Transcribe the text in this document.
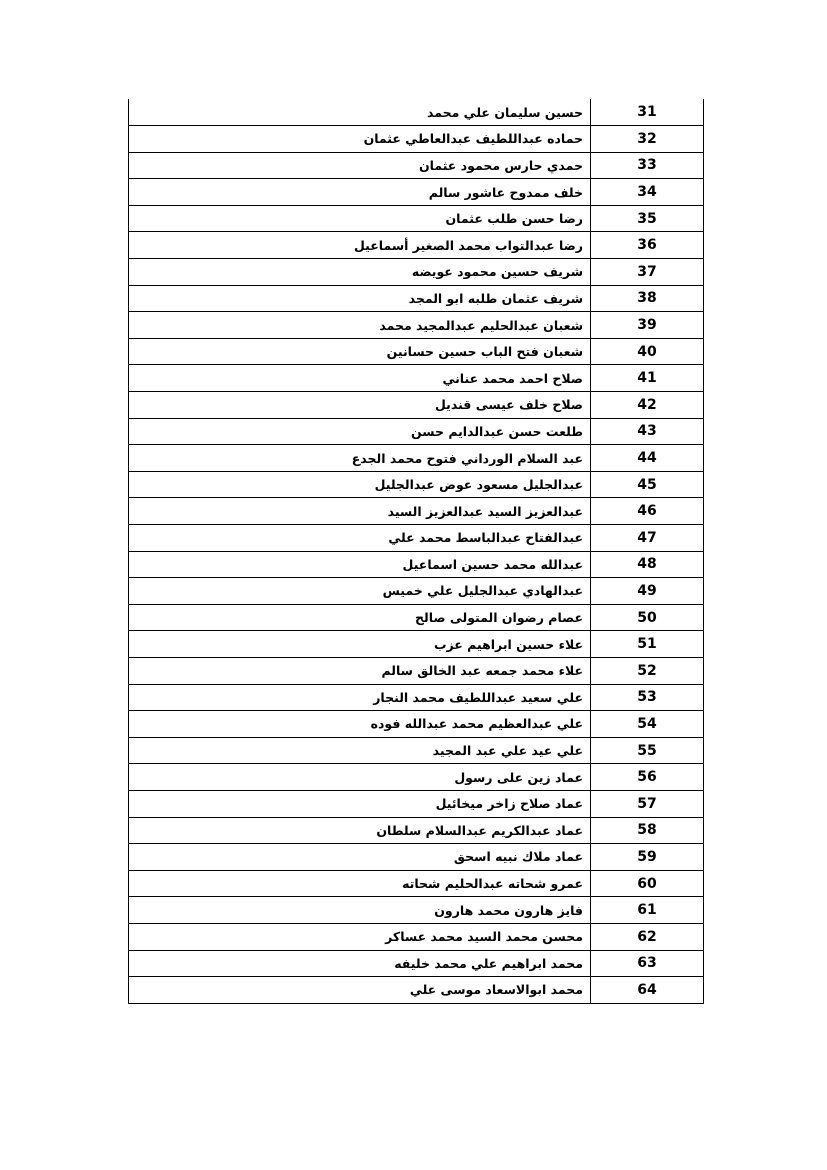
31	حسين سليمان علي محمد
32	حماده عبداللطيف عبدالعاطي عثمان
33	حمدي حارس محمود عثمان
34	خلف ممدوح عاشور سالم
35	رضا حسن طلب عثمان
36	رضا عبدالتواب محمد الصغير أسماعيل
37	شريف حسين محمود عويضه
38	شريف عثمان طلبه ابو المجد
39	شعبان عبدالحليم عبدالمجيد محمد
40	شعبان فتح الباب حسين حسانين
41	صلاح احمد محمد عناني
42	صلاح خلف عيسى قنديل
43	طلعت حسن عبدالدايم حسن
44	عبد السلام الورداني فتوح محمد الجدع
45	عبدالجليل مسعود عوض عبدالجليل
46	عبدالعزيز السيد عبدالعزيز السيد
47	عبدالفتاح عبدالباسط محمد علي
48	عبدالله محمد حسين اسماعيل
49	عبدالهادي عبدالجليل علي خميس
50	عصام رضوان المتولى صالح
51	علاء حسين ابراهيم عزب
52	علاء محمد جمعه عبد الخالق سالم
53	علي سعيد عبداللطيف محمد النجار
54	علي عبدالعظيم محمد عبدالله فوده
55	علي عيد علي عبد المجيد
56	عماد زين على رسول
57	عماد صلاح زاخر ميخائيل
58	عماد عبدالكريم عبدالسلام سلطان
59	عماد ملاك نبيه اسحق
60	عمرو شحاته عبدالحليم شحاته
61	فايز هارون محمد هارون
62	محسن محمد السيد محمد عساكر
63	محمد ابراهيم علي محمد خليفه
64	محمد ابوالاسعاد موسى علي
